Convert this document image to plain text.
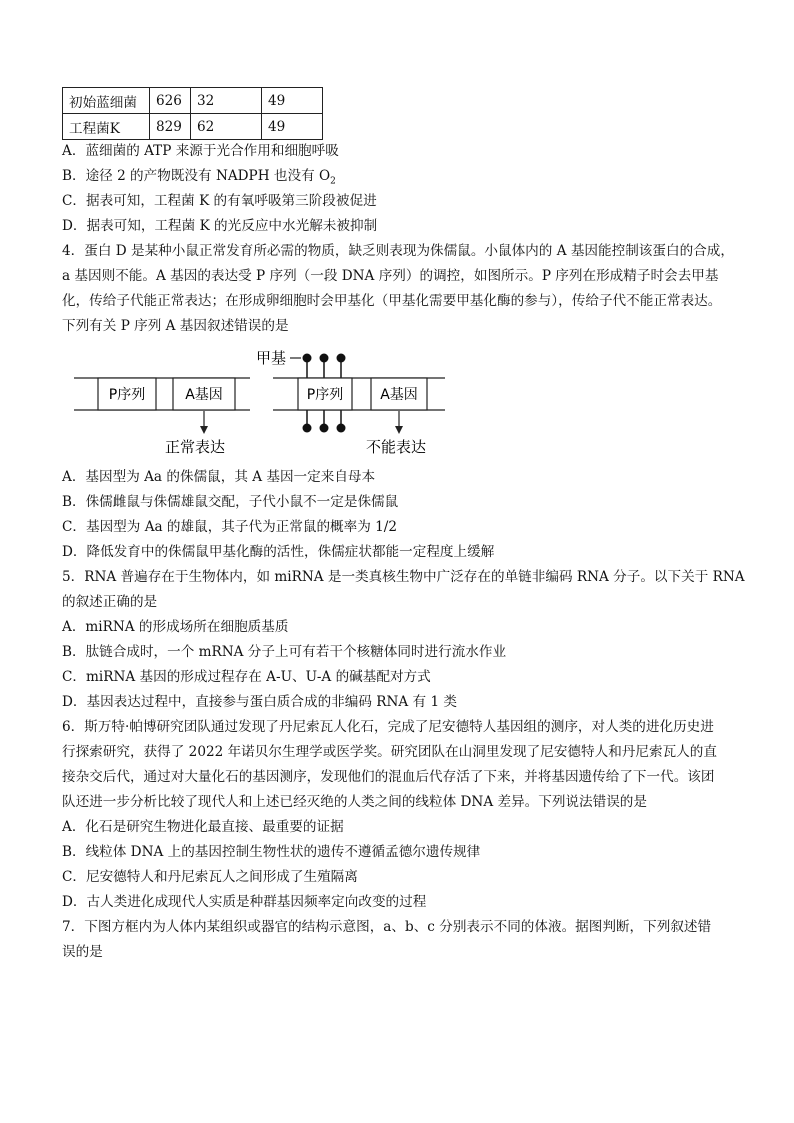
初始蓝细菌	626	32	49
工程菌K	829	62	49
A．蓝细菌的 ATP 来源于光合作用和细胞呼吸
B．途径 2 的产物既没有 NADPH 也没有 $O_2$
C．据表可知，工程菌 K 的有氧呼吸第三阶段被促进
D．据表可知，工程菌 K 的光反应中水光解未被抑制
4．蛋白 D 是某种小鼠正常发育所必需的物质，缺乏则表现为侏儒鼠。小鼠体内的 A 基因能控制该蛋白的合成，
a 基因则不能。A 基因的表达受 P 序列（一段 DNA 序列）的调控，如图所示。P 序列在形成精子时会去甲基
化，传给子代能正常表达；在形成卵细胞时会甲基化（甲基化需要甲基化酶的参与），传给子代不能正常表达。
下列有关 P 序列 A 基因叙述错误的是
P序列	A基因
正常表达
P序列	A基因
甲基
不能表达
A．基因型为 Aa 的侏儒鼠，其 A 基因一定来自母本
B．侏儒雌鼠与侏儒雄鼠交配，子代小鼠不一定是侏儒鼠
C．基因型为 Aa 的雄鼠，其子代为正常鼠的概率为 1/2
D．降低发育中的侏儒鼠甲基化酶的活性，侏儒症状都能一定程度上缓解
5．RNA 普遍存在于生物体内，如 miRNA 是一类真核生物中广泛存在的单链非编码 RNA 分子。以下关于 RNA
的叙述正确的是
A．miRNA 的形成场所在细胞质基质
B．肽链合成时，一个 mRNA 分子上可有若干个核糖体同时进行流水作业
C．miRNA 基因的形成过程存在 A-U、U-A 的碱基配对方式
D．基因表达过程中，直接参与蛋白质合成的非编码 RNA 有 1 类
6．斯万特·帕博研究团队通过发现了丹尼索瓦人化石，完成了尼安德特人基因组的测序，对人类的进化历史进
行探索研究，获得了 2022 年诺贝尔生理学或医学奖。研究团队在山洞里发现了尼安德特人和丹尼索瓦人的直
接杂交后代，通过对大量化石的基因测序，发现他们的混血后代存活了下来，并将基因遗传给了下一代。该团
队还进一步分析比较了现代人和上述已经灭绝的人类之间的线粒体 DNA 差异。下列说法错误的是
A．化石是研究生物进化最直接、最重要的证据
B．线粒体 DNA 上的基因控制生物性状的遗传不遵循孟德尔遗传规律
C．尼安德特人和丹尼索瓦人之间形成了生殖隔离
D．古人类进化成现代人实质是种群基因频率定向改变的过程
7．下图方框内为人体内某组织或器官的结构示意图，a、b、c 分别表示不同的体液。据图判断，下列叙述错
误的是
